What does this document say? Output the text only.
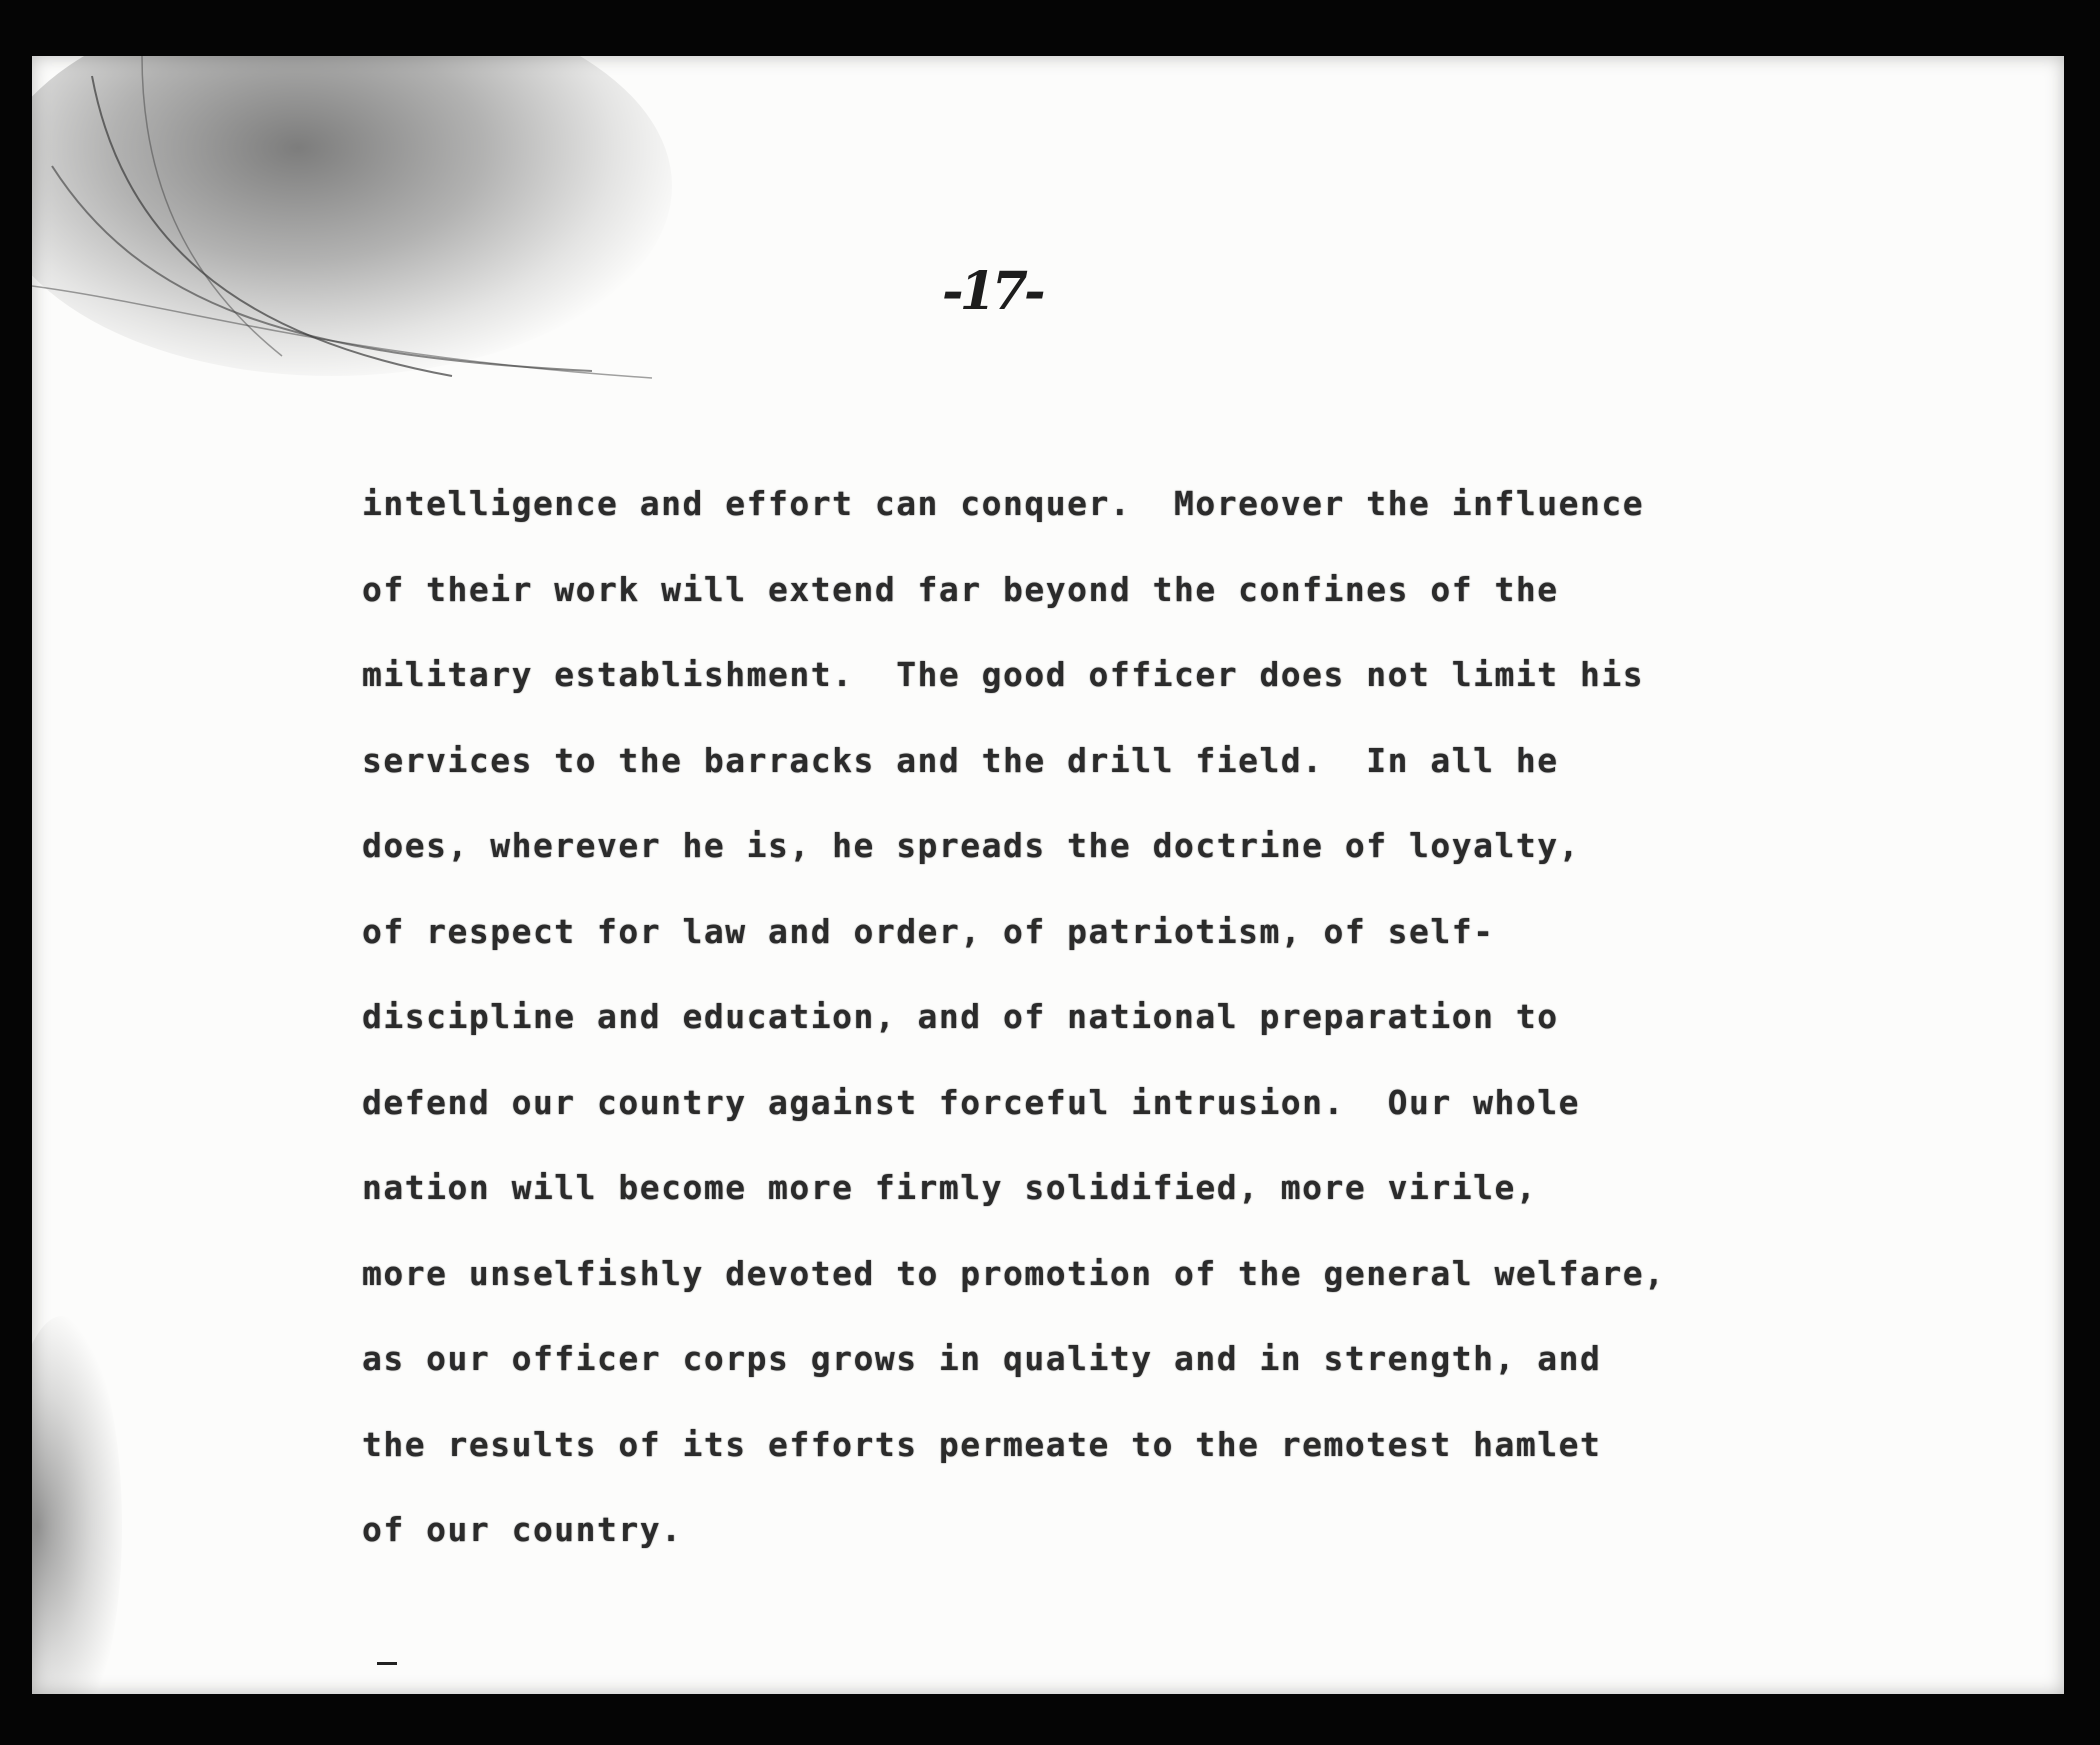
-17-
intelligence and effort can conquer.  Moreover the influence
of their work will extend far beyond the confines of the
military establishment.  The good officer does not limit his
services to the barracks and the drill field.  In all he
does, wherever he is, he spreads the doctrine of loyalty,
of respect for law and order, of patriotism, of self-
discipline and education, and of national preparation to
defend our country against forceful intrusion.  Our whole
nation will become more firmly solidified, more virile,
more unselfishly devoted to promotion of the general welfare,
as our officer corps grows in quality and in strength, and
the results of its efforts permeate to the remotest hamlet
of our country.
